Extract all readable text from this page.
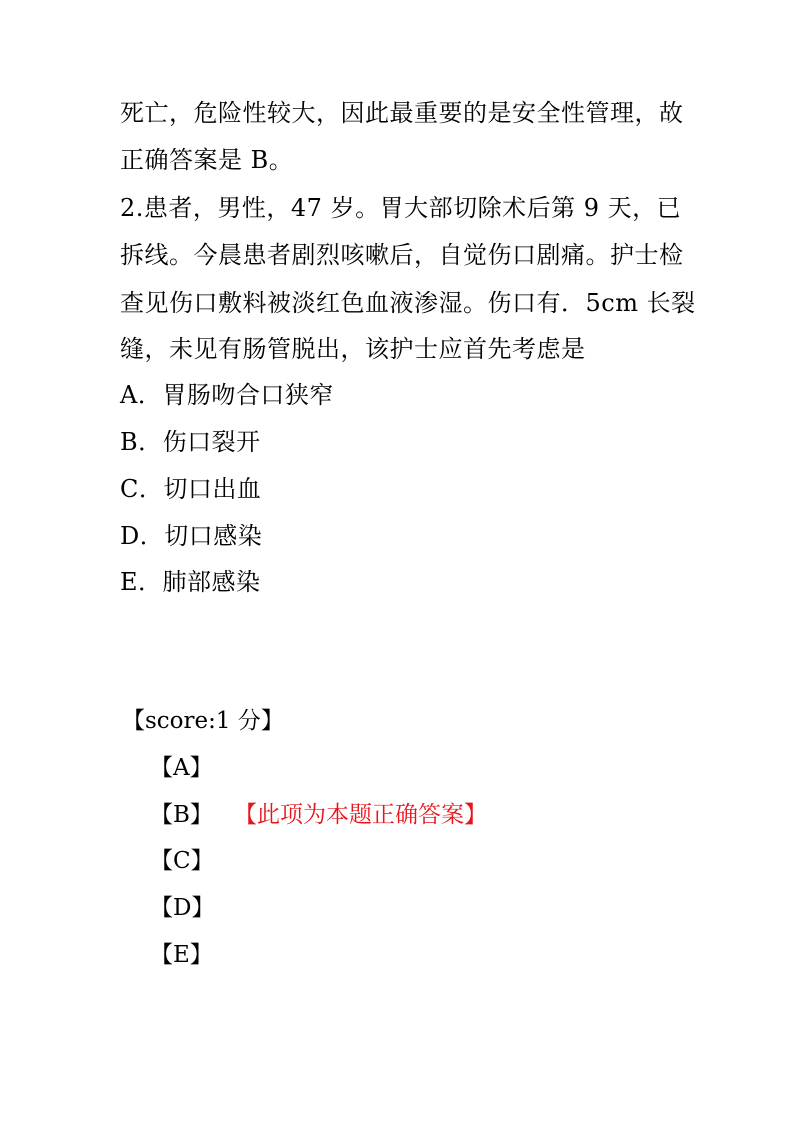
死亡，危险性较大，因此最重要的是安全性管理，故
正确答案是 B。
2.患者，男性，47 岁。胃大部切除术后第 9 天，已
拆线。今晨患者剧烈咳嗽后，自觉伤口剧痛。护士检
查见伤口敷料被淡红色血液渗湿。伤口有．5cm 长裂
缝，未见有肠管脱出，该护士应首先考虑是
A．胃肠吻合口狭窄
B．伤口裂开
C．切口出血
D．切口感染
E．肺部感染
【score:1 分】
【A】
【B】 【此项为本题正确答案】
【C】
【D】
【E】
